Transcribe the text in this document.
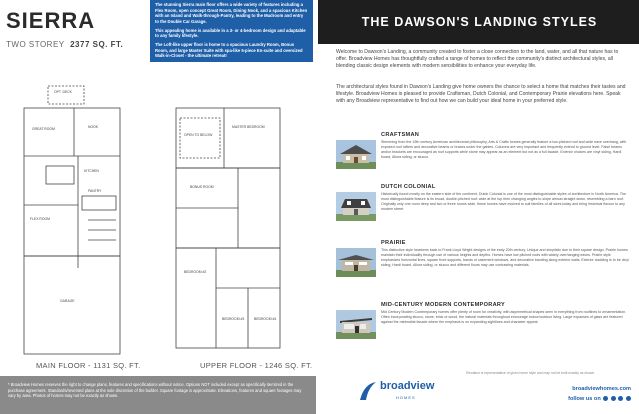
SIERRA
TWO STOREY 2377 SQ. FT.

The stunning Sierra main floor offers a wide variety of features including a Flex Room, open concept Great Room, Dining Nook, and a spacious Kitchen with an Island and Walk-through-Pantry, leading to the Mudroom and entry to the Double Car Garage.

This appealing home is available in a 3- or 4-bedroom design and adaptable to any family lifestyle.

The Loft-like upper floor is home to a spacious Laundry Room, Bonus Room, and large Master Suite with spa-like 5-piece En-suite and oversized Walk-in-Closet - the ultimate retreat!

OPT. DECK
GREAT ROOM	NOOK
KITCHEN
FLEX ROOM
PANTRY
GARAGE
OPEN TO BELOW
MASTER BEDROOM
BONUS ROOM
BEDROOM #2
BEDROOM #3	BEDROOM #4
MAIN FLOOR - 1131 SQ. FT.	UPPER FLOOR - 1246 SQ. FT.
* Broadview Homes reserves the right to change plans, features and specifications without notice. Options NOT included except as specifically itemized in the purchase agreement. Standards/reversed plans at the sole discretion of the builder. Square footage is approximate. Elevations, features and square footages may vary by area. Photos of homes may not be exactly as shown.
THE DAWSON'S LANDING STYLES
Welcome to Dawson's Landing, a community created to foster a close connection to the land, water, and all that nature has to offer. Broadview Homes has thoughtfully crafted a range of homes to reflect the community's distinct architectural styles, all blending classic design elements with modern sensibilities to enhance your everyday life.
The architectural styles found in Dawson's Landing give home owners the chance to select a home that matches their tastes and lifestyle. Broadview Homes is pleased to provide Craftsman, Dutch Colonial, and Contemporary Prairie elevations here. Speak with any Broadview representative to find out how we can build your ideal home in your preferred style.
CRAFTSMAN
Stemming from the 19th century American architectural philosophy, Arts & Crafts homes generally feature a low-pitched roof and wide eave overhang, with exposed roof rafters and decorative beams or braces under the gables. Columns are very important and frequently extend to ground level. False beams and/or brackets are encouraged as roof supports while stone may appear as an element but not as a full facade. Exterior choices are vinyl siding, Hardi board, Allura siding, or stucco.
DUTCH COLONIAL
Historically found mostly on the eastern side of the continent, Dutch Colonial is one of the most distinguishable styles of architecture in North America. The most distinguishable feature is its broad, double-pitched roof: wide at the top then changing angles to slope almost straight down, resembling a barn roof. Originally only one room deep and two or three rooms wide, these homes have evolved to suit families of all sizes today and bring historical flavour to any modern street.
PRAIRIE
This distinctive style hearkens back to Frank Lloyd Wright designs of the early 20th century. Unique and simplistic due to their square design, Prairie homes maintain their individuality through use of various heights and depths. Homes have low pitched roofs with widely overhanging eaves. Prairie style emphasizes horizontal lines, square front supports, bands of casement windows, and decorative banding along exterior walls. Exterior cladding is to be vinyl siding, Hardi board, Allura siding, or stucco and different floors may use contrasting materials.
MID-CENTURY MODERN CONTEMPORARY
Mid Century Modern Contemporary homes offer plenty of room for creativity, with asymmetrical shapes seen in everything from rooflines to ornamentation. Often incorporating stucco, stone, brick or wood, the natural materials throughout encourage indoor/outdoor living. Large expanses of glass are featured against the minimalist facade where the emphasis is on expanding sightlines and character appeal.
Elevation is representative of given home style and may not be built exactly as shown.
broadview
HOMES
broadviewhomes.com
follow us on
